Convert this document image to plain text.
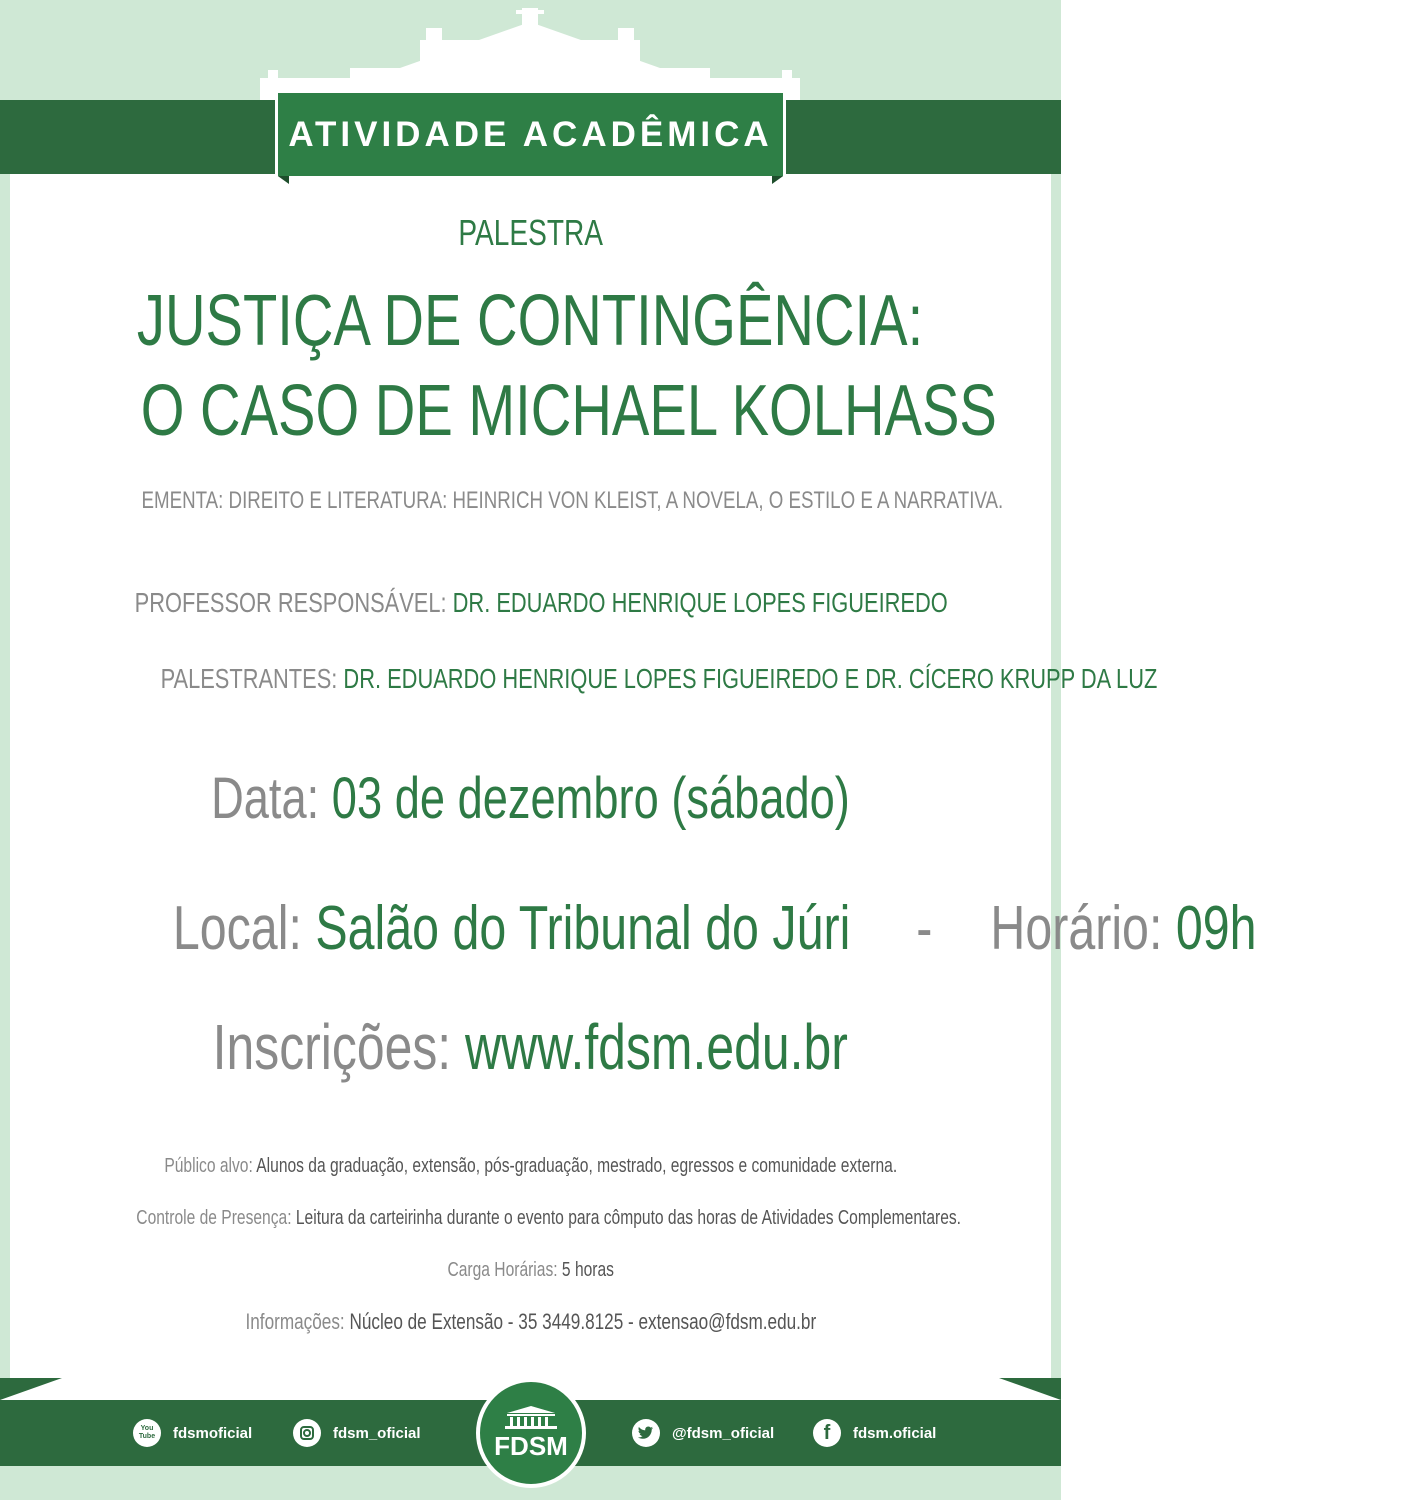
ATIVIDADE ACADÊMICA
PALESTRA
JUSTIÇA DE CONTINGÊNCIA:
O CASO DE MICHAEL KOLHASS
EMENTA: DIREITO E LITERATURA: HEINRICH VON KLEIST, A NOVELA, O ESTILO E A NARRATIVA.
PROFESSOR RESPONSÁVEL: DR. EDUARDO HENRIQUE LOPES FIGUEIREDO
PALESTRANTES: DR. EDUARDO HENRIQUE LOPES FIGUEIREDO E DR. CÍCERO KRUPP DA LUZ
Data: 03 de dezembro (sábado)
Local: Salão do Tribunal do Júri - Horário: 09h
Inscrições: www.fdsm.edu.br
Público alvo: Alunos da graduação, extensão, pós-graduação, mestrado, egressos e comunidade externa.
Controle de Presença: Leitura da carteirinha durante o evento para cômputo das horas de Atividades Complementares.
Carga Horárias: 5 horas
Informações: Núcleo de Extensão - 35 3449.8125 - extensao@fdsm.edu.br
You Tube	fdsmoficial	fdsm_oficial	FDSM	@fdsm_oficial	f	fdsm.oficial
